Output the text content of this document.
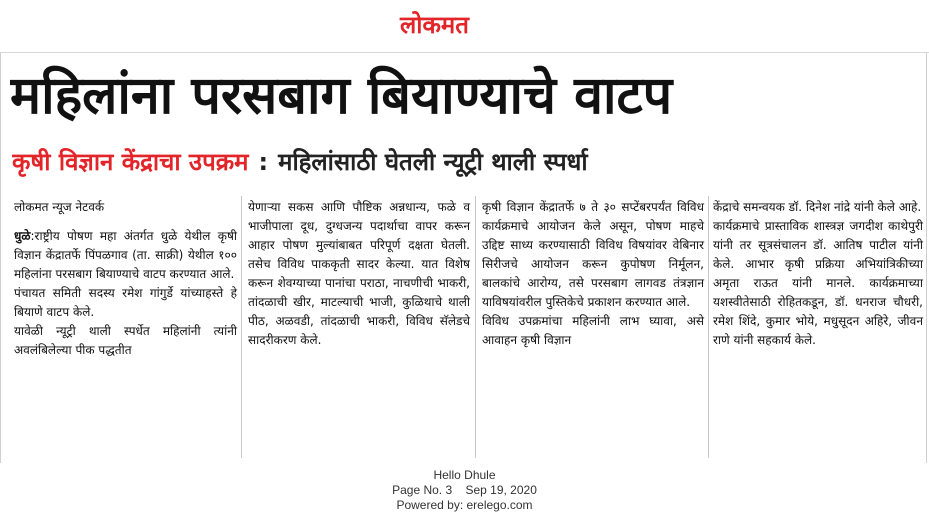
लोकमत
महिलांना परसबाग बियाण्याचे वाटप
कृषी विज्ञान केंद्राचा उपक्रम : महिलांसाठी घेतली न्यूट्री थाली स्पर्धा

लोकमत न्यूज नेटवर्क

धुळे:राष्ट्रीय पोषण महा अंतर्गत धुळे येथील कृषी विज्ञान केंद्रातर्फे पिंपळगाव (ता. साक्री) येथील १०० महिलांना परसबाग बियाण्याचे वाटप करण्यात आले.

पंचायत समिती सदस्य रमेश गांगुर्डे यांच्याहस्ते हे बियाणे वाटप केले.

यावेळी न्यूट्री थाली स्पर्धेत महिलांनी त्यांनी अवलंबिलेल्या पीक पद्धतीत

येणाऱ्या सकस आणि पौष्टिक अन्नधान्य, फळे व भाजीपाला दूध, दुग्धजन्य पदार्थाचा वापर करून आहार पोषण मुल्यांबाबत परिपूर्ण दक्षता घेतली. तसेच विविध पाककृती सादर केल्या. यात विशेष करून शेवग्याच्या पानांचा पराठा, नाचणीची भाकरी, तांदळाची खीर, माटल्याची भाजी, कुळिथाचे थाली पीठ, अळवडी, तांदळाची भाकरी, विविध सॅलेडचे सादरीकरण केले.

कृषी विज्ञान केंद्रातर्फे ७ ते ३० सप्टेंबरपर्यंत विविध कार्यक्रमाचे आयोजन केले असून, पोषण माहचे उद्दिष्ट साध्य करण्यासाठी विविध विषयांवर वेबिनार सिरीजचे आयोजन करून कुपोषण निर्मूलन, बालकांचे आरोग्य, तसे परसबाग लागवड तंत्रज्ञान याविषयांवरील पुस्तिकेचे प्रकाशन करण्यात आले.

विविध उपक्रमांचा महिलांनी लाभ घ्यावा, असे आवाहन कृषी विज्ञान

केंद्राचे समन्वयक डॉ. दिनेश नांद्रे यांनी केले आहे.

कार्यक्रमाचे प्रास्ताविक शास्त्रज्ञ जगदीश काथेपुरी यांनी तर सूत्रसंचालन डॉ. आतिष पाटील यांनी केले. आभार कृषी प्रक्रिया अभियांत्रिकीच्या अमृता राऊत यांनी मानले. कार्यक्रमाच्या यशस्वीतेसाठी रोहितकडून, डॉ. धनराज चौधरी, रमेश शिंदे, कुमार भोये, मधुसूदन अहिरे, जीवन राणे यांनी सहकार्य केले.

Hello Dhule
Page No. 3 Sep 19, 2020
Powered by: erelego.com
